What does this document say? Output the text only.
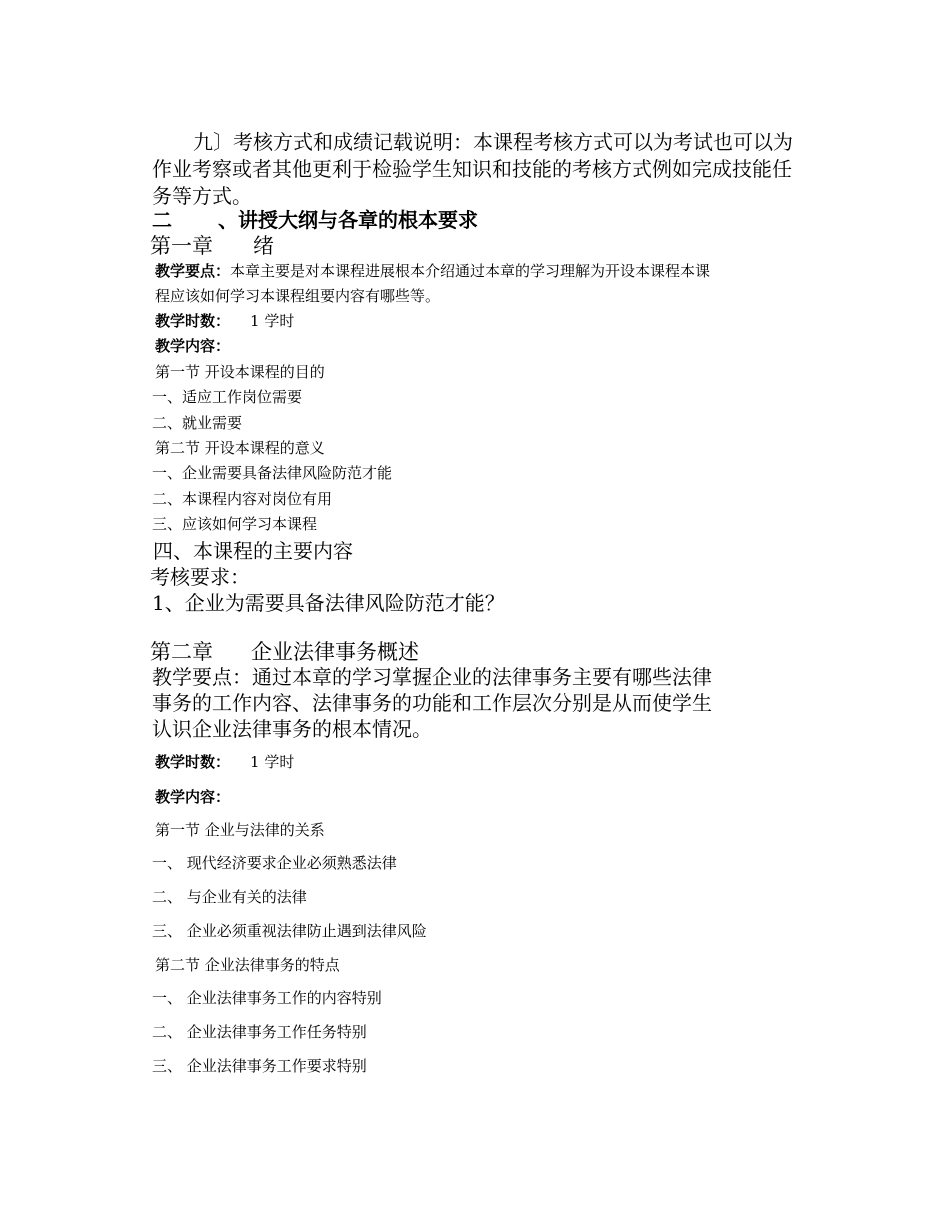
九〕考核方式和成绩记载说明：本课程考核方式可以为考试也可以为
作业考察或者其他更利于检验学生知识和技能的考核方式例如完成技能任
务等方式。
二 、讲授大纲与各章的根本要求
第一章 绪
教学要点：本章主要是对本课程进展根本介绍通过本章的学习理解为开设本课程本课
程应该如何学习本课程组要内容有哪些等。
教学时数： 1 学时
教学内容：
第一节 开设本课程的目的
一、适应工作岗位需要
二、就业需要
第二节 开设本课程的意义
一、企业需要具备法律风险防范才能
二、本课程内容对岗位有用
三、应该如何学习本课程
四、本课程的主要内容
考核要求：
1、企业为需要具备法律风险防范才能？
第二章 企业法律事务概述
教学要点：通过本章的学习掌握企业的法律事务主要有哪些法律
事务的工作内容、法律事务的功能和工作层次分别是从而使学生
认识企业法律事务的根本情况。
教学时数： 1 学时
教学内容：
第一节 企业与法律的关系
一、 现代经济要求企业必须熟悉法律
二、 与企业有关的法律
三、 企业必须重视法律防止遇到法律风险
第二节 企业法律事务的特点
一、 企业法律事务工作的内容特别
二、 企业法律事务工作任务特别
三、 企业法律事务工作要求特别
